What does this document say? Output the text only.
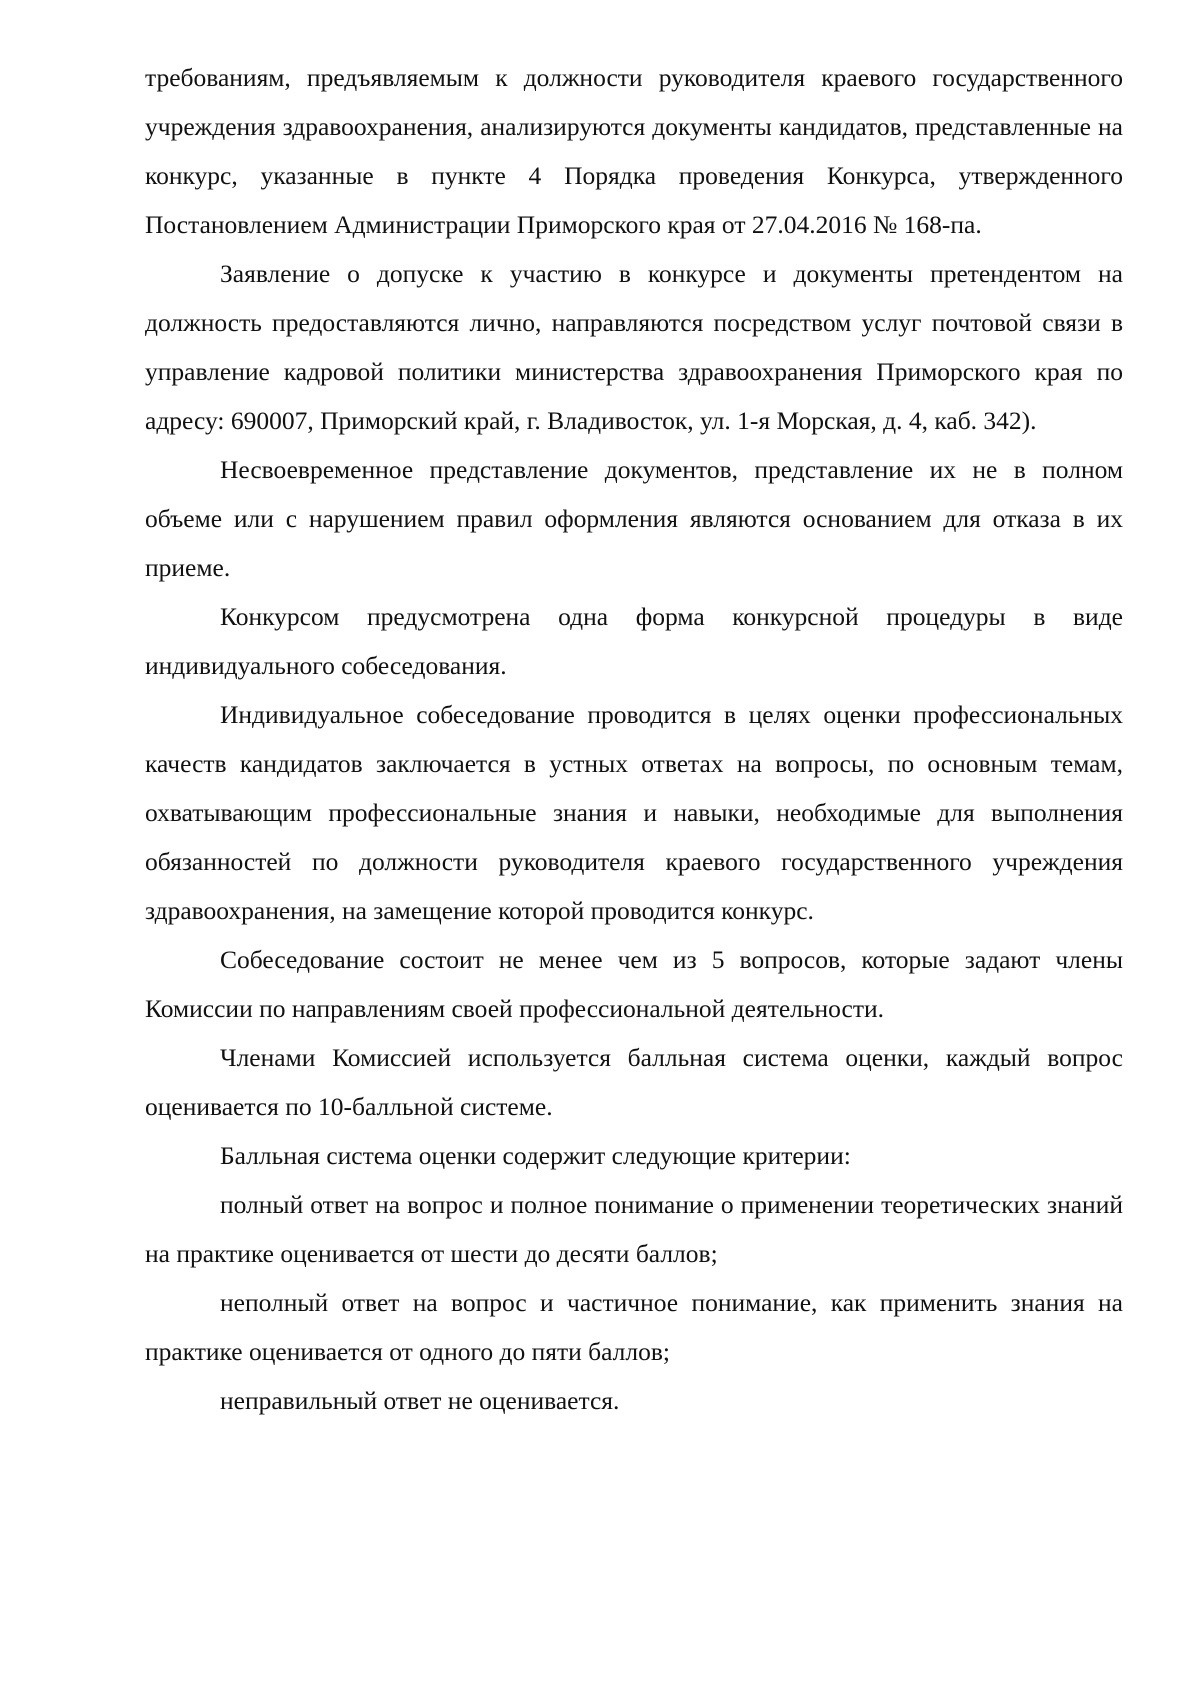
требованиям, предъявляемым к должности руководителя краевого государственного учреждения здравоохранения, анализируются документы кандидатов, представленные на конкурс, указанные в пункте 4 Порядка проведения Конкурса, утвержденного Постановлением Администрации Приморского края от 27.04.2016 № 168-па.

Заявление о допуске к участию в конкурсе и документы претендентом на должность предоставляются лично, направляются посредством услуг почтовой связи в управление кадровой политики министерства здравоохранения Приморского края по адресу: 690007, Приморский край, г. Владивосток, ул. 1-я Морская, д. 4, каб. 342).

Несвоевременное представление документов, представление их не в полном объеме или с нарушением правил оформления являются основанием для отказа в их приеме.

Конкурсом предусмотрена одна форма конкурсной процедуры в виде индивидуального собеседования.

Индивидуальное собеседование проводится в целях оценки профессиональных качеств кандидатов заключается в устных ответах на вопросы, по основным темам, охватывающим профессиональные знания и навыки, необходимые для выполнения обязанностей по должности руководителя краевого государственного учреждения здравоохранения, на замещение которой проводится конкурс.

Собеседование состоит не менее чем из 5 вопросов, которые задают члены Комиссии по направлениям своей профессиональной деятельности.

Членами Комиссией используется балльная система оценки, каждый вопрос оценивается по 10-балльной системе.

Балльная система оценки содержит следующие критерии:

полный ответ на вопрос и полное понимание о применении теоретических знаний на практике оценивается от шести до десяти баллов;

неполный ответ на вопрос и частичное понимание, как применить знания на практике оценивается от одного до пяти баллов;

неправильный ответ не оценивается.
